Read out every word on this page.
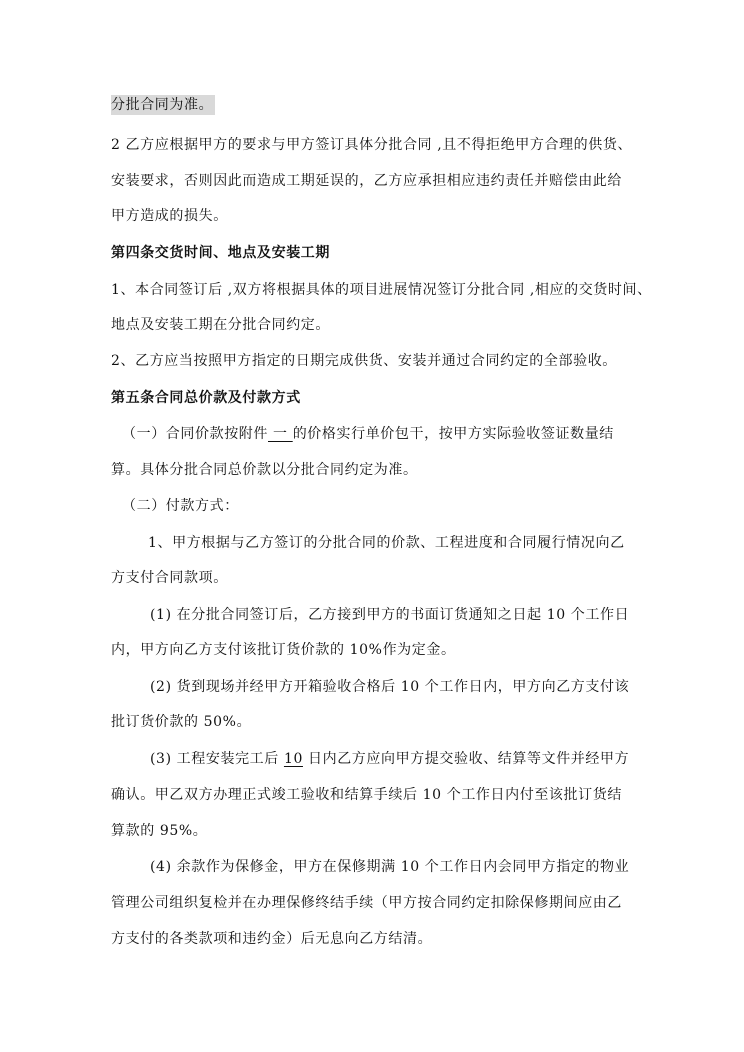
分批合同为准。
2 乙方应根据甲方的要求与甲方签订具体分批合同 ,且不得拒绝甲方合理的供货、
安装要求，否则因此而造成工期延误的，乙方应承担相应违约责任并赔偿由此给
甲方造成的损失。
第四条交货时间、地点及安装工期
1、本合同签订后 ,双方将根据具体的项目进展情况签订分批合同 ,相应的交货时间、
地点及安装工期在分批合同约定。
2、乙方应当按照甲方指定的日期完成供货、安装并通过合同约定的全部验收。
第五条合同总价款及付款方式
（一）合同价款按附件 一 的价格实行单价包干，按甲方实际验收签证数量结
算。具体分批合同总价款以分批合同约定为准。
（二）付款方式：
1、甲方根据与乙方签订的分批合同的价款、工程进度和合同履行情况向乙
方支付合同款项。
(1) 在分批合同签订后，乙方接到甲方的书面订货通知之日起 10 个工作日
内，甲方向乙方支付该批订货价款的 10%作为定金。
(2) 货到现场并经甲方开箱验收合格后 10 个工作日内，甲方向乙方支付该
批订货价款的 50%。
(3) 工程安装完工后 10 日内乙方应向甲方提交验收、结算等文件并经甲方
确认。甲乙双方办理正式竣工验收和结算手续后 10 个工作日内付至该批订货结
算款的 95%。
(4) 余款作为保修金，甲方在保修期满 10 个工作日内会同甲方指定的物业
管理公司组织复检并在办理保修终结手续（甲方按合同约定扣除保修期间应由乙
方支付的各类款项和违约金）后无息向乙方结清。
